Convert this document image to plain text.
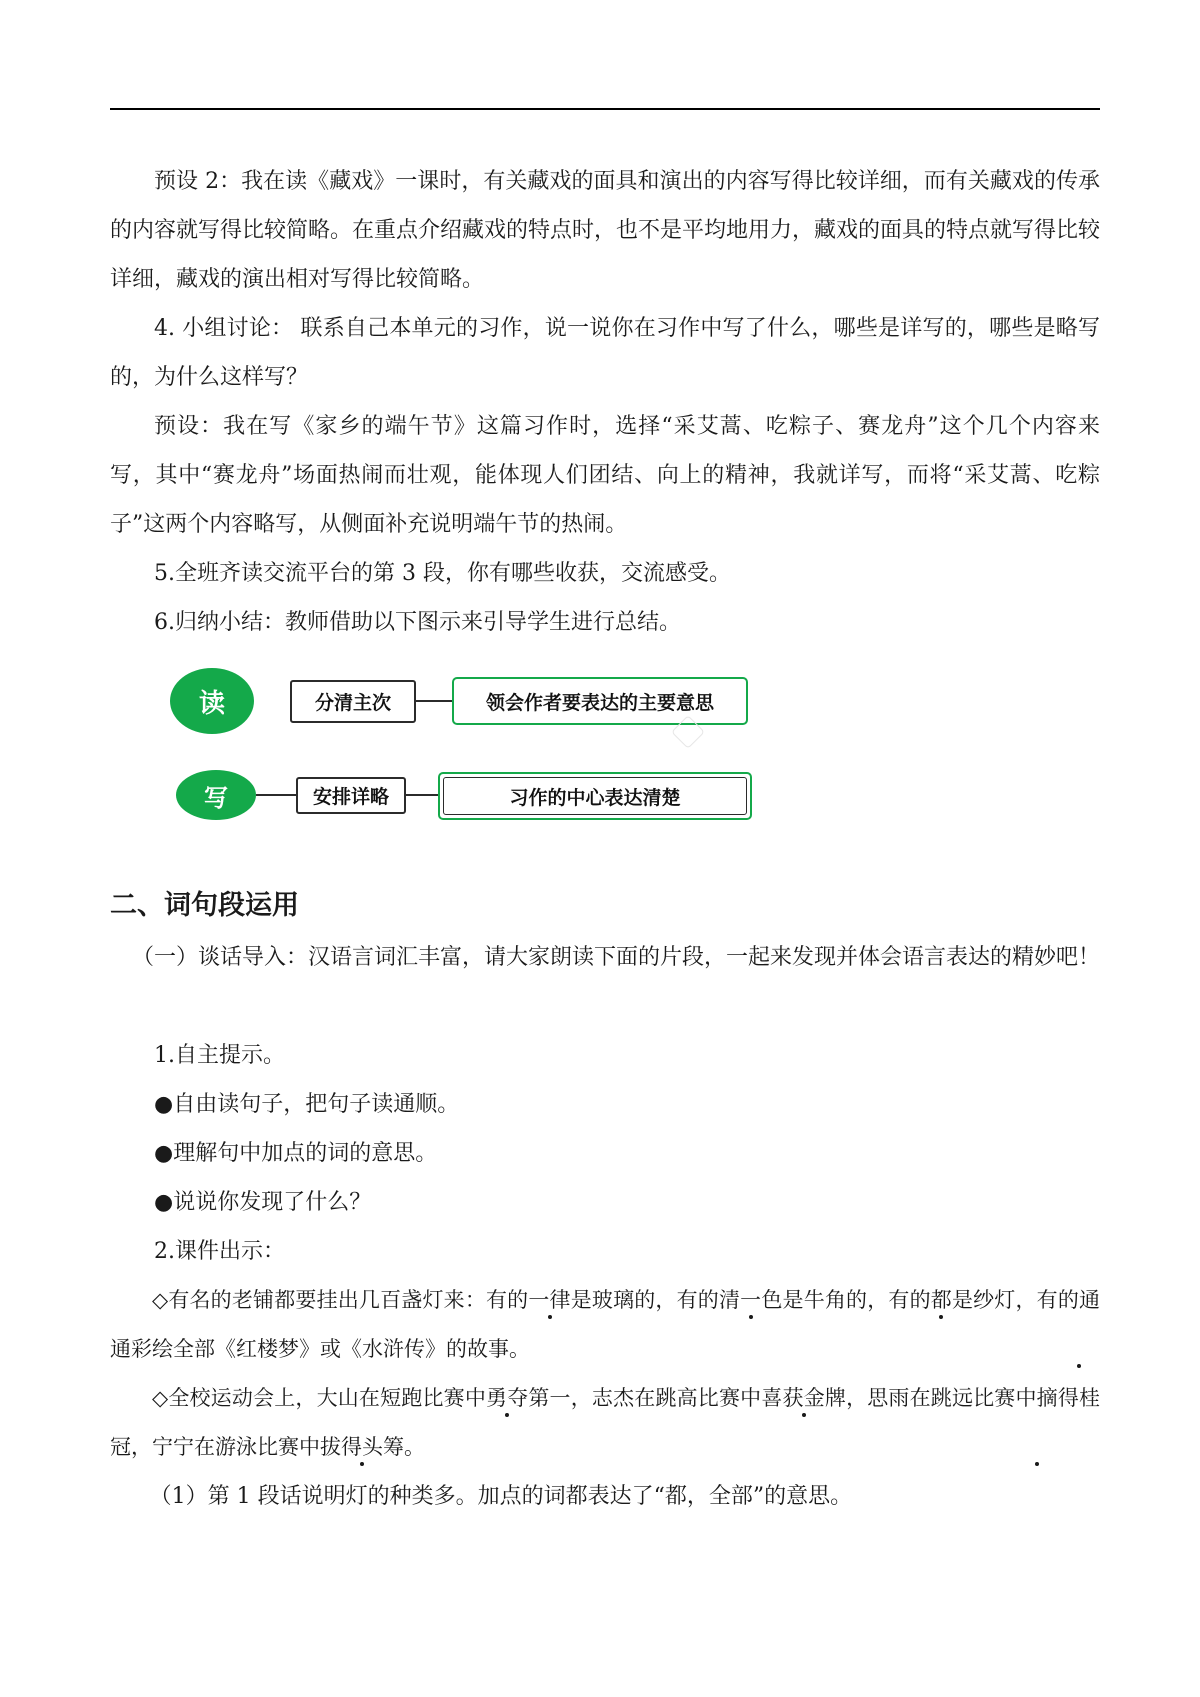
预设 2：我在读《藏戏》一课时，有关藏戏的面具和演出的内容写得比较详细，而有关藏戏的传承的内容就写得比较简略。在重点介绍藏戏的特点时，也不是平均地用力，藏戏的面具的特点就写得比较详细，藏戏的演出相对写得比较简略。

4. 小组讨论： 联系自己本单元的习作，说一说你在习作中写了什么，哪些是详写的，哪些是略写的，为什么这样写？

预设：我在写《家乡的端午节》这篇习作时，选择“采艾蒿、吃粽子、赛龙舟”这个几个内容来写，其中“赛龙舟”场面热闹而壮观，能体现人们团结、向上的精神，我就详写，而将“采艾蒿、吃粽子”这两个内容略写，从侧面补充说明端午节的热闹。

5.全班齐读交流平台的第 3 段，你有哪些收获，交流感受。

6.归纳小结：教师借助以下图示来引导学生进行总结。

读	分清主次	领会作者要表达的主要意思
写	安排详略	习作的中心表达清楚
二、词句段运用

（一）谈话导入：汉语言词汇丰富，请大家朗读下面的片段，一起来发现并体会语言表达的精妙吧！

1.自主提示。

●自由读句子，把句子读通顺。

●理解句中加点的词的意思。

●说说你发现了什么？

2.课件出示：

◇有名的老铺都要挂出几百盏灯来：有的一律是玻璃的，有的清一色是牛角的，有的都是纱灯，有的通通彩绘全部《红楼梦》或《水浒传》的故事。

◇全校运动会上，大山在短跑比赛中勇夺第一，志杰在跳高比赛中喜获金牌，思雨在跳远比赛中摘得桂冠，宁宁在游泳比赛中拔得头筹。

（1）第 1 段话说明灯的种类多。加点的词都表达了“都，全部”的意思。
